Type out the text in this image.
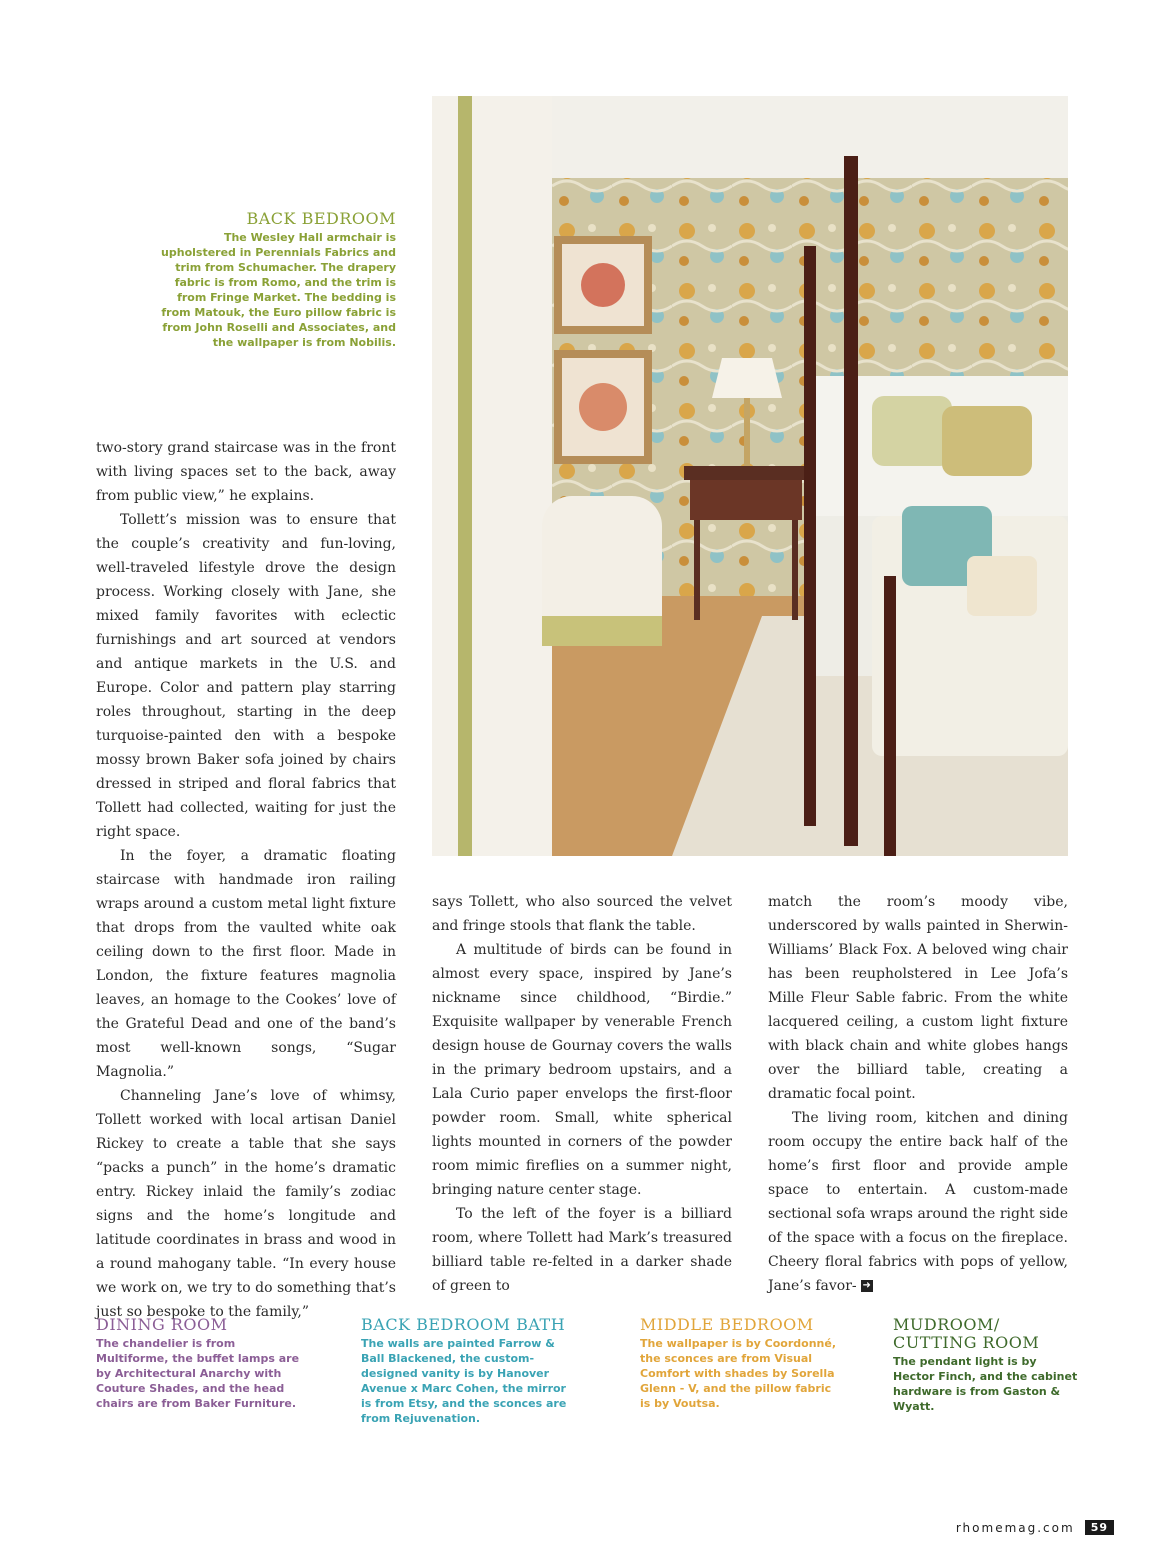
BACK BEDROOM

The Wesley Hall armchair is upholstered in Perennials Fabrics and trim from Schumacher. The drapery fabric is from Romo, and the trim is from Fringe Market. The bedding is from Matouk, the Euro pillow fabric is from John Roselli and Associates, and the wallpaper is from Nobilis.

two-story grand staircase was in the front with living spaces set to the back, away from public view,” he explains.

Tollett’s mission was to ensure that the couple’s creativity and fun-loving, well-traveled lifestyle drove the design process. Working closely with Jane, she mixed family favorites with eclectic furnishings and art sourced at vendors and antique markets in the U.S. and Europe. Color and pattern play starring roles throughout, starting in the deep turquoise-painted den with a bespoke mossy brown Baker sofa joined by chairs dressed in striped and floral fabrics that Tollett had collected, waiting for just the right space.

In the foyer, a dramatic floating staircase with handmade iron railing wraps around a custom metal light fixture that drops from the vaulted white oak ceiling down to the first floor. Made in London, the fixture features magnolia leaves, an homage to the Cookes’ love of the Grateful Dead and one of the band’s most well-known songs, “Sugar Magnolia.”

Channeling Jane’s love of whimsy, Tollett worked with local artisan Daniel Rickey to create a table that she says “packs a punch” in the home’s dramatic entry. Rickey inlaid the family’s zodiac signs and the home’s longitude and latitude coordinates in brass and wood in a round mahogany table. “In every house we work on, we try to do something that’s just so bespoke to the family,”

says Tollett, who also sourced the velvet and fringe stools that flank the table.

A multitude of birds can be found in almost every space, inspired by Jane’s nickname since childhood, “Birdie.” Exquisite wallpaper by venerable French design house de Gournay covers the walls in the primary bedroom upstairs, and a Lala Curio paper envelops the first-floor powder room. Small, white spherical lights mounted in corners of the powder room mimic fireflies on a summer night, bringing nature center stage.

To the left of the foyer is a billiard room, where Tollett had Mark’s treasured billiard table re-felted in a darker shade of green to

match the room’s moody vibe, underscored by walls painted in Sherwin-Williams’ Black Fox. A beloved wing chair has been reupholstered in Lee Jofa’s Mille Fleur Sable fabric. From the white lacquered ceiling, a custom light fixture with black chain and white globes hangs over the billiard table, creating a dramatic focal point.

The living room, kitchen and dining room occupy the entire back half of the home’s first floor and provide ample space to entertain. A custom-made sectional sofa wraps around the right side of the space with a focus on the fireplace. Cheery floral fabrics with pops of yellow, Jane’s favor- ➜

DINING ROOM

The chandelier is from Multiforme, the buffet lamps are by Architectural Anarchy with Couture Shades, and the head chairs are from Baker Furniture.

BACK BEDROOM BATH

The walls are painted Farrow & Ball Blackened, the custom-designed vanity is by Hanover Avenue x Marc Cohen, the mirror is from Etsy, and the sconces are from Rejuvenation.

MIDDLE BEDROOM

The wallpaper is by Coordonné, the sconces are from Visual Comfort with shades by Sorella Glenn - V, and the pillow fabric is by Voutsa.

MUDROOM/ CUTTING ROOM

The pendant light is by Hector Finch, and the cabinet hardware is from Gaston & Wyatt.

rhomemag.com	59
